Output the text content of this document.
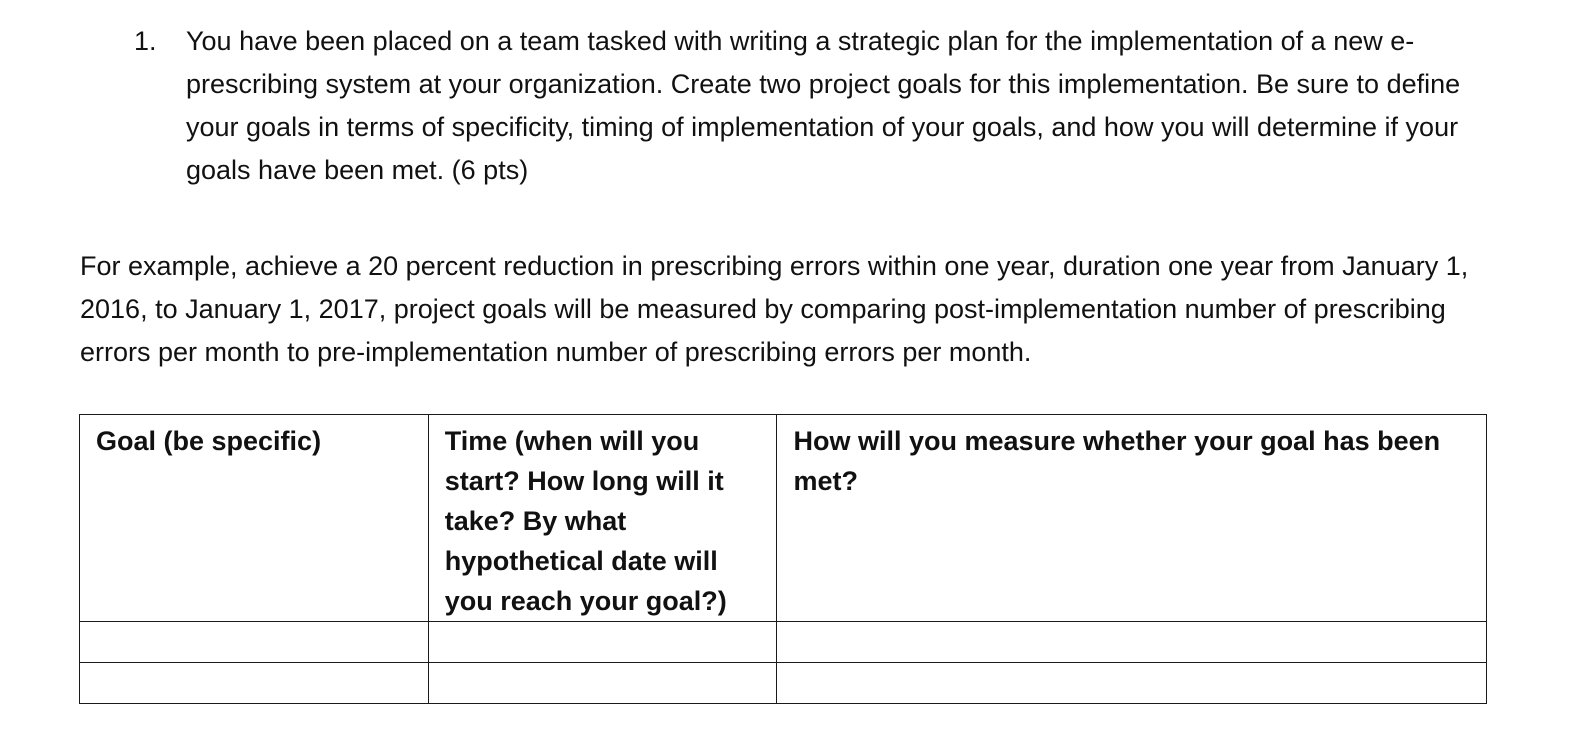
1.	You have been placed on a team tasked with writing a strategic plan for the implementation of a new e-prescribing system at your organization. Create two project goals for this implementation. Be sure to define your goals in terms of specificity, timing of implementation of your goals, and how you will determine if your goals have been met. (6 pts)

For example, achieve a 20 percent reduction in prescribing errors within one year, duration one year from January 1, 2016, to January 1, 2017, project goals will be measured by comparing post-implementation number of prescribing errors per month to pre-implementation number of prescribing errors per month.

Goal (be specific)	Time (when will you start? How long will it take? By what hypothetical date will you reach your goal?)	How will you measure whether your goal has been met?
